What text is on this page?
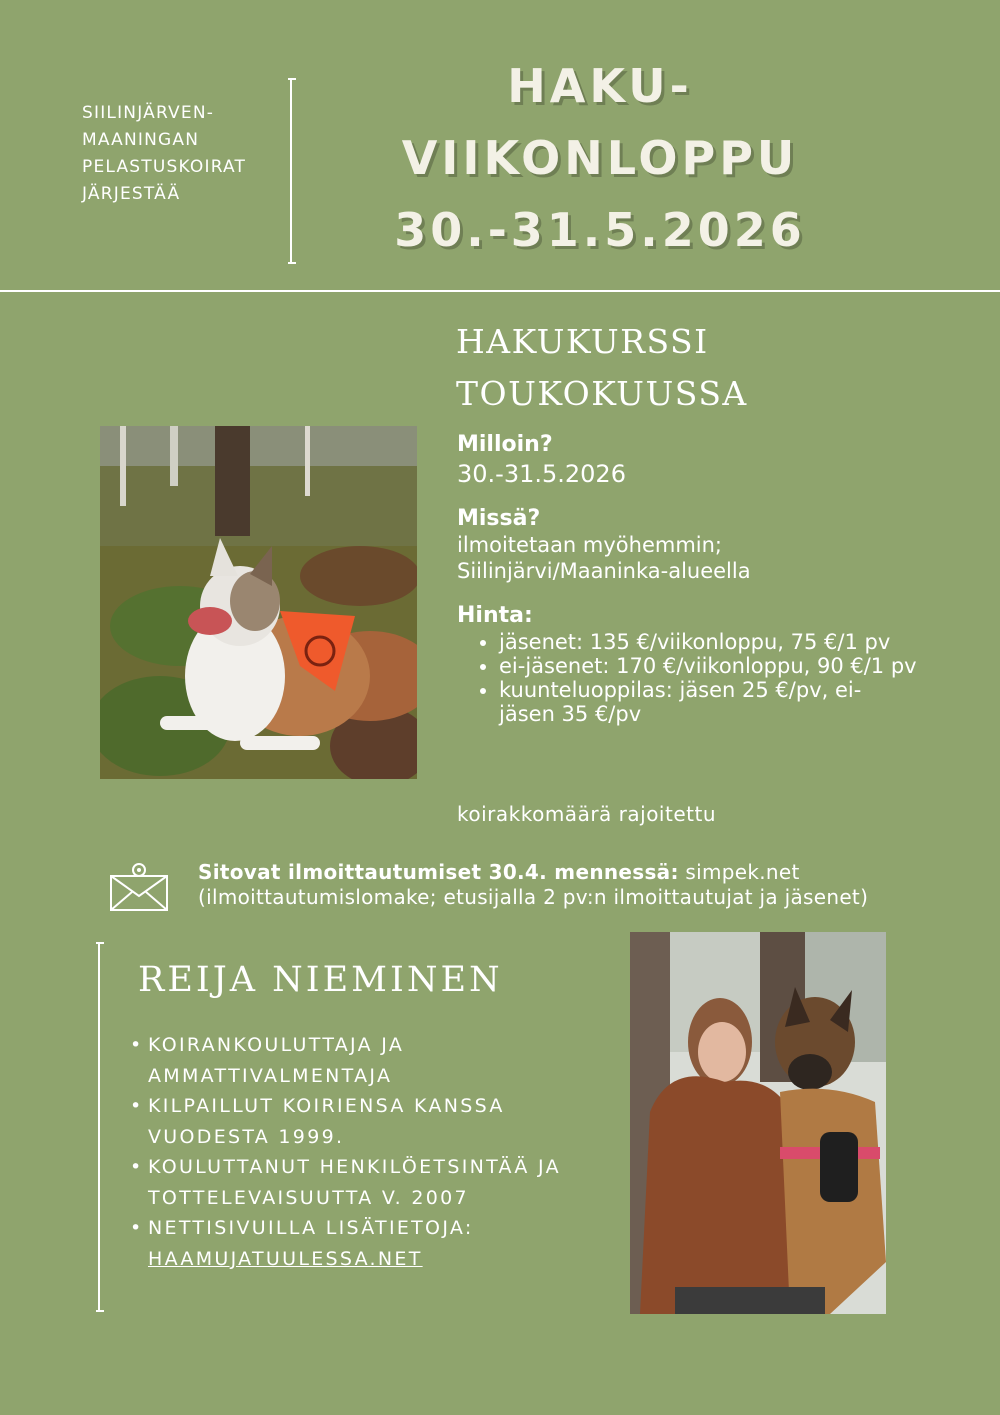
SIILINJÄRVEN-
MAANINGAN
PELASTUSKOIRAT
JÄRJESTÄÄ
HAKU-
VIIKONLOPPU
30.-31.5.2026
HAKUKURSSI
TOUKOKUUSSA
Milloin?
30.-31.5.2026
Missä?
ilmoitetaan myöhemmin;
Siilinjärvi/Maaninka-alueella
Hinta:
• jäsenet: 135 €/viikonloppu, 75 €/1 pv
• ei-jäsenet: 170 €/viikonloppu, 90 €/1 pv
• kuunteluoppilas: jäsen 25 €/pv, ei-jäsen 35 €/pv
koirakkomäärä rajoitettu
Sitovat ilmoittautumiset 30.4. mennessä: simpek.net (ilmoittautumislomake; etusijalla 2 pv:n ilmoittautujat ja jäsenet)
REIJA NIEMINEN
• KOIRANKOULUTTAJA JA AMMATTIVALMENTAJA
• KILPAILLUT KOIRIENSA KANSSA VUODESTA 1999.
• KOULUTTANUT HENKILÖETSINTÄÄ JA TOTTELEVAISUUTTA V. 2007
• NETTISIVUILLA LISÄTIETOJA:
HAAMUJATUULESSA.NET
